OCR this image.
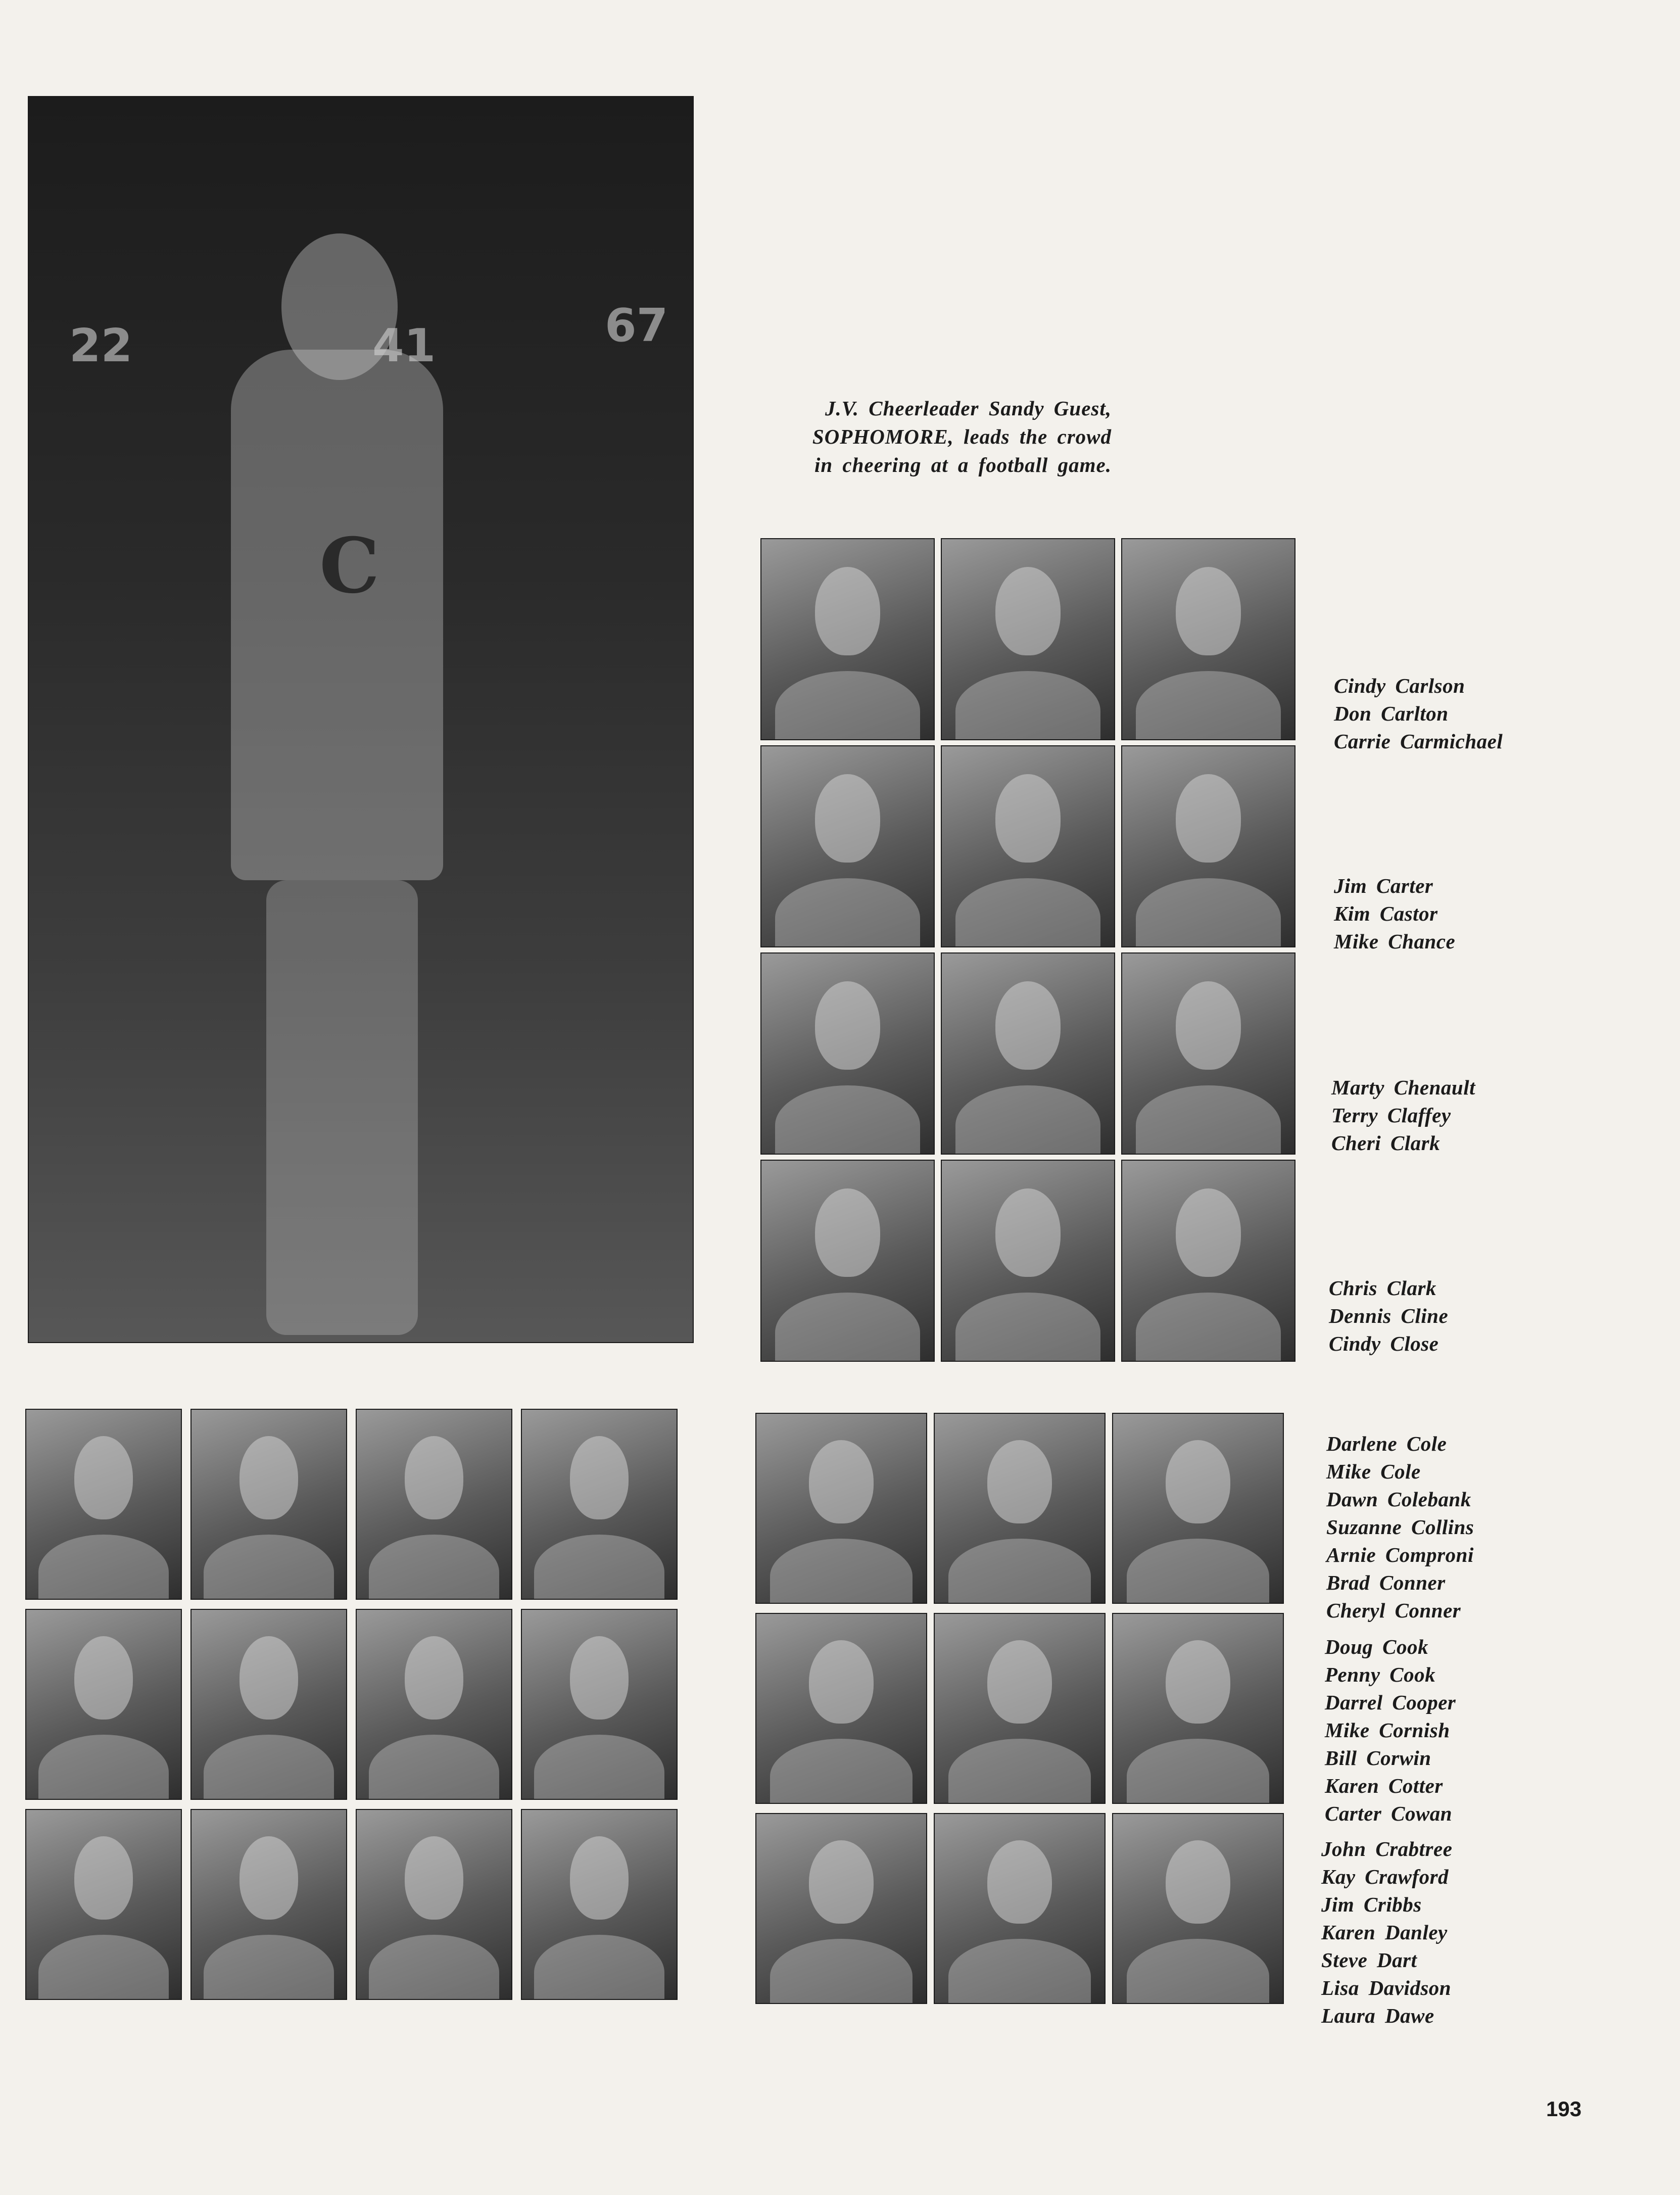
22	41	67
C
J.V. Cheerleader Sandy Guest,
SOPHOMORE, leads the crowd
in cheering at a football game.
Cindy Carlson
Don Carlton
Carrie Carmichael
Jim Carter
Kim Castor
Mike Chance
Marty Chenault
Terry Claffey
Cheri Clark
Chris Clark
Dennis Cline
Cindy Close
Darlene Cole
Mike Cole
Dawn Colebank
Suzanne Collins
Arnie Comproni
Brad Conner
Cheryl Conner
Doug Cook
Penny Cook
Darrel Cooper
Mike Cornish
Bill Corwin
Karen Cotter
Carter Cowan
John Crabtree
Kay Crawford
Jim Cribbs
Karen Danley
Steve Dart
Lisa Davidson
Laura Dawe
193
